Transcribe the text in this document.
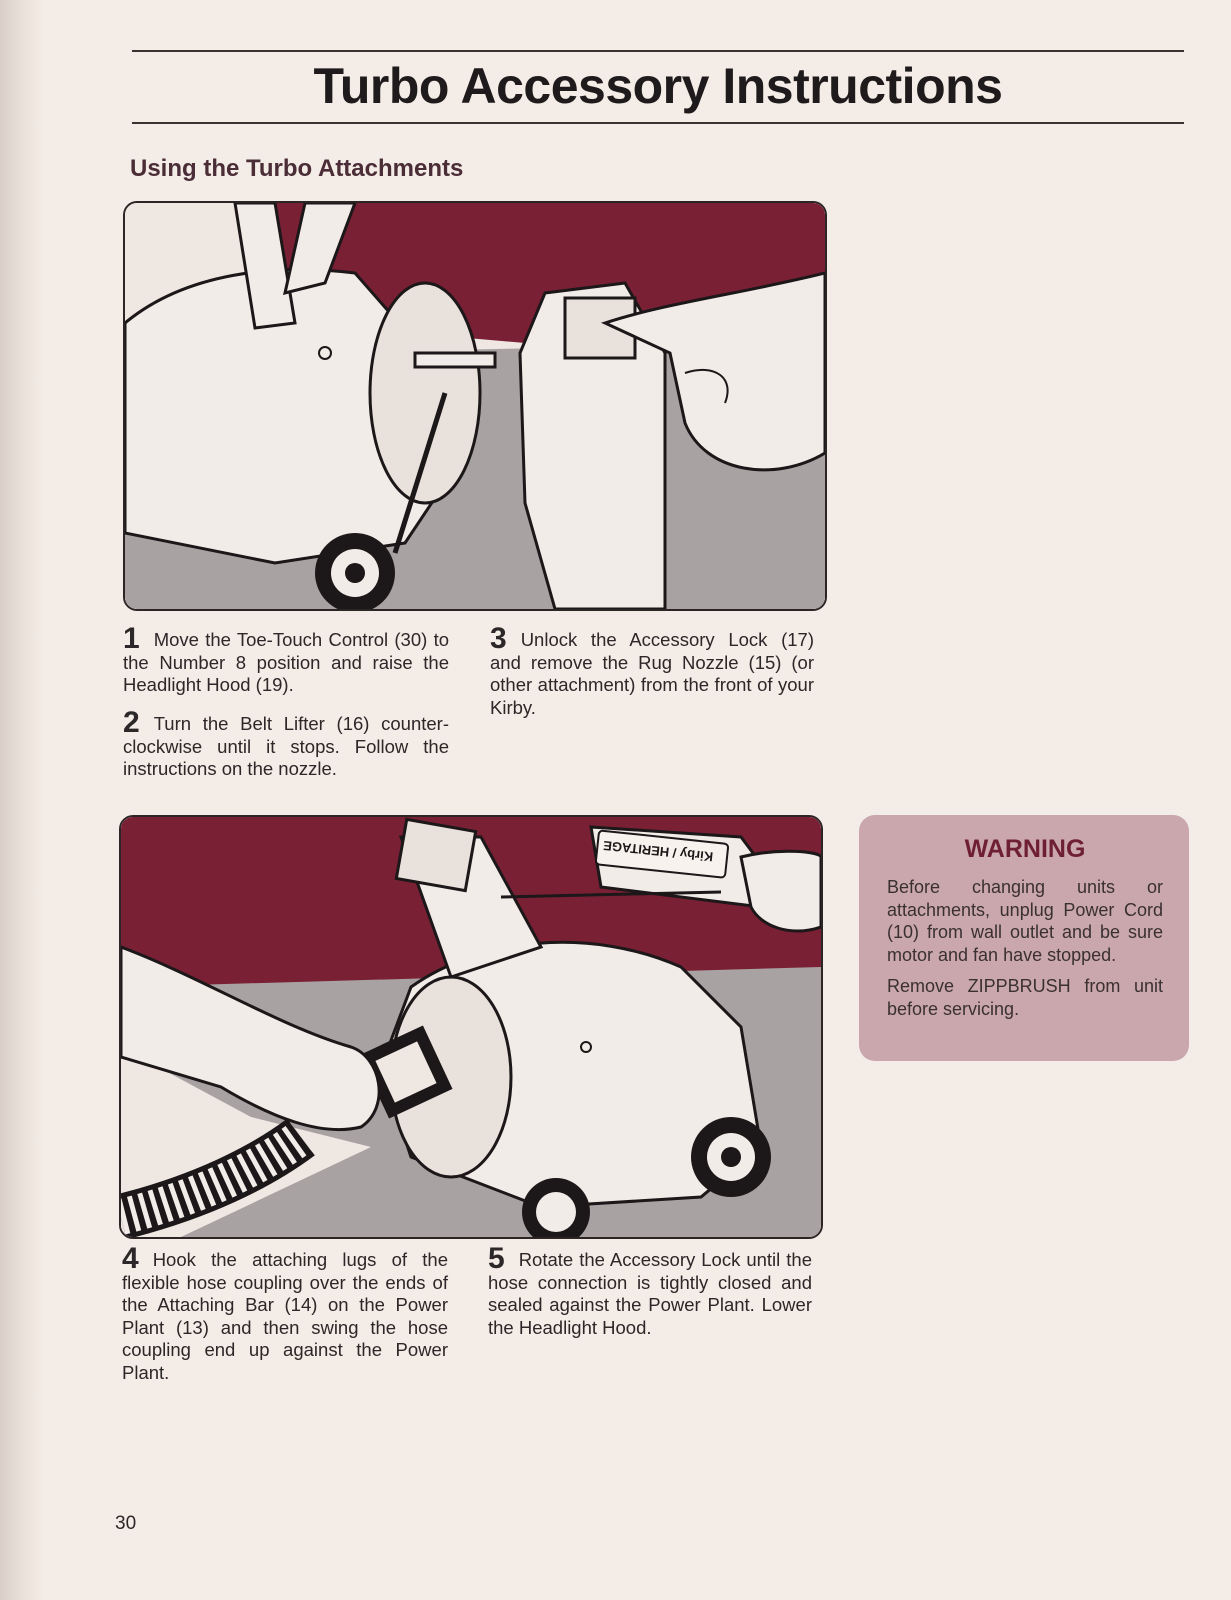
Turbo Accessory Instructions
Using the Turbo Attachments
1 Move the Toe-Touch Control (30) to the Number 8 position and raise the Headlight Hood (19).
2 Turn the Belt Lifter (16) counter-clockwise until it stops. Follow the instructions on the nozzle.
3 Unlock the Accessory Lock (17) and remove the Rug Nozzle (15) (or other attachment) from the front of your Kirby.
Kirby / HERITAGE
4 Hook the attaching lugs of the flexible hose coupling over the ends of the Attaching Bar (14) on the Power Plant (13) and then swing the hose coupling end up against the Power Plant.
5 Rotate the Accessory Lock until the hose connection is tightly closed and sealed against the Power Plant. Lower the Headlight Hood.
WARNING

Before changing units or attachments, unplug Power Cord (10) from wall outlet and be sure motor and fan have stopped.

Remove ZIPPBRUSH from unit before servicing.

30
